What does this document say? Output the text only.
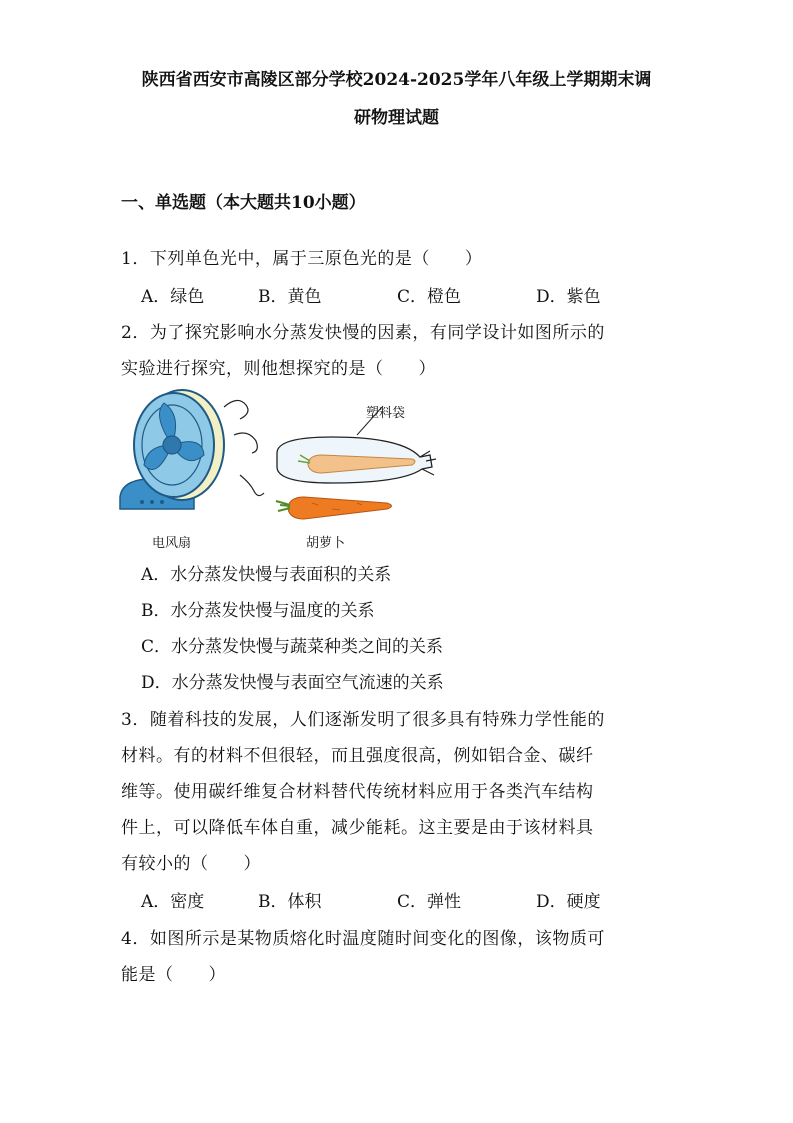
陕西省西安市高陵区部分学校2024-2025学年八年级上学期期末调
研物理试题
一、单选题（本大题共10小题）
1．下列单色光中，属于三原色光的是（　　）
A．绿色	B．黄色	C．橙色	D．紫色
2．为了探究影响水分蒸发快慢的因素，有同学设计如图所示的
实验进行探究，则他想探究的是（　　）
塑料袋
电风扇	胡萝卜
A．水分蒸发快慢与表面积的关系
B．水分蒸发快慢与温度的关系
C．水分蒸发快慢与蔬菜种类之间的关系
D．水分蒸发快慢与表面空气流速的关系
3．随着科技的发展，人们逐渐发明了很多具有特殊力学性能的
材料。有的材料不但很轻，而且强度很高，例如铝合金、碳纤
维等。使用碳纤维复合材料替代传统材料应用于各类汽车结构
件上，可以降低车体自重，减少能耗。这主要是由于该材料具
有较小的（　　）
A．密度	B．体积	C．弹性	D．硬度
4．如图所示是某物质熔化时温度随时间变化的图像，该物质可
能是（　　）
